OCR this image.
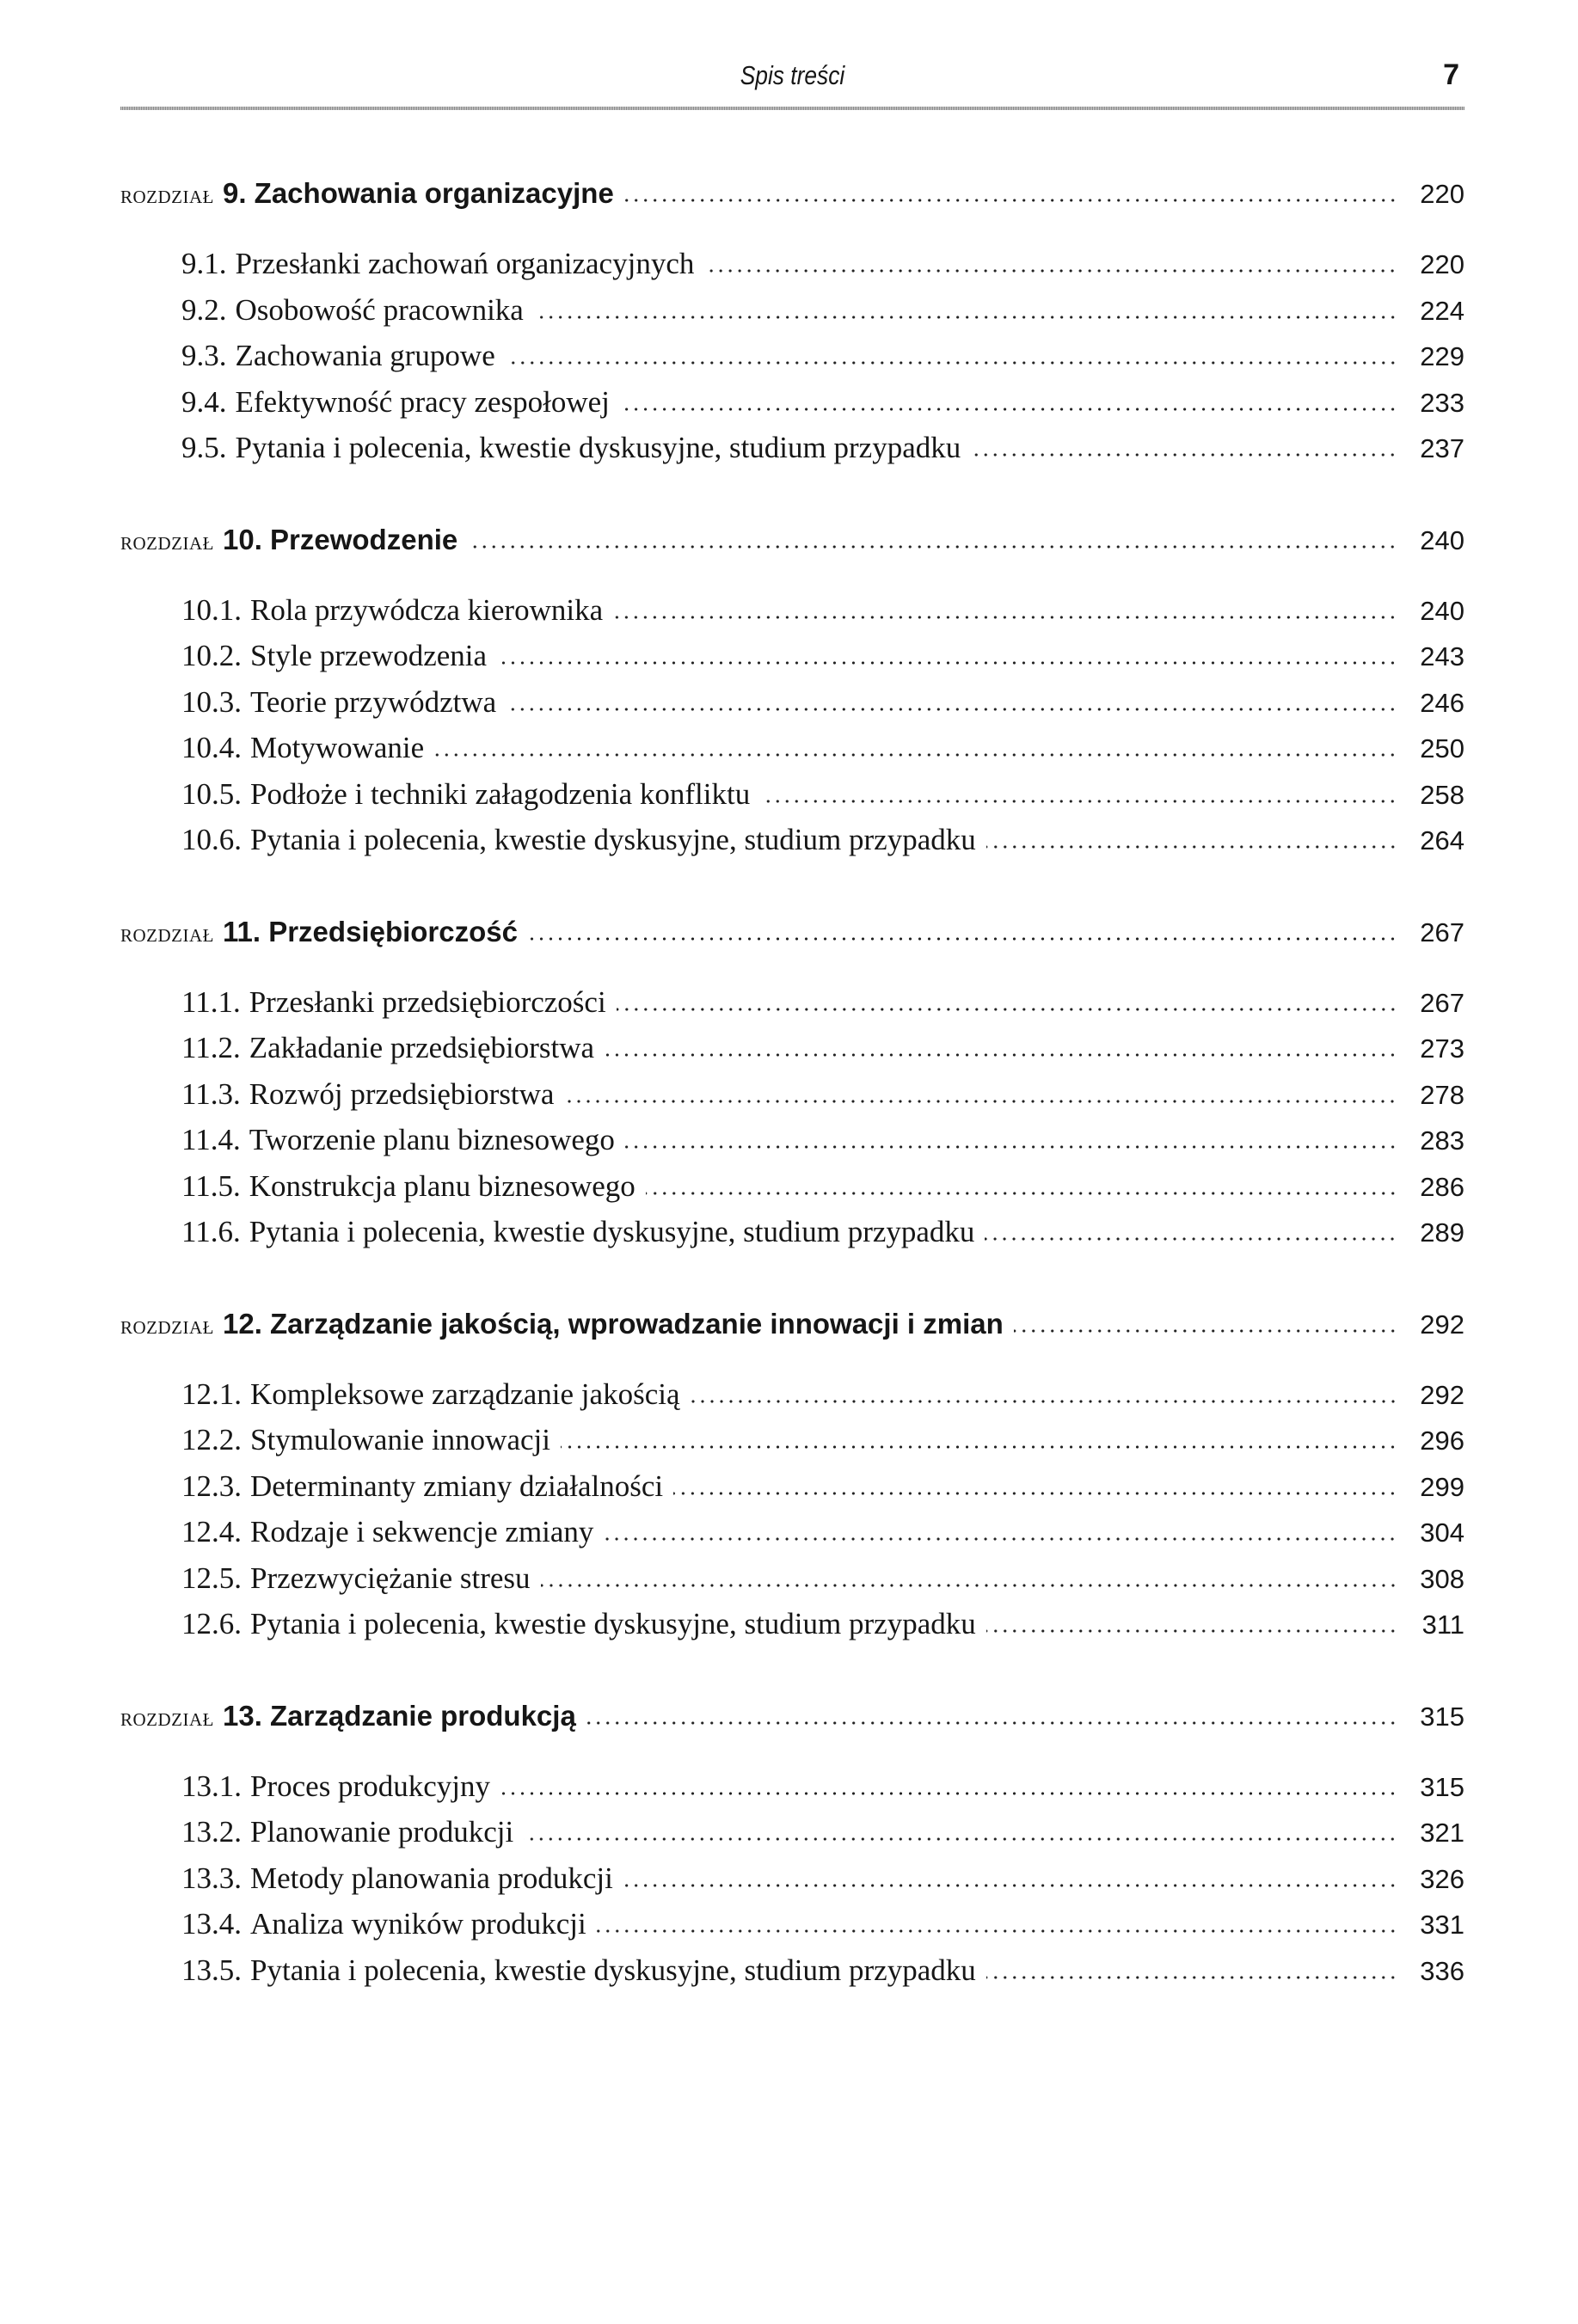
Spis treści	7
ROZDZIAŁ 9. Zachowania organizacyjne	220
9.1. Przesłanki zachowań organizacyjnych	220
9.2. Osobowość pracownika	224
9.3. Zachowania grupowe	229
9.4. Efektywność pracy zespołowej	233
9.5. Pytania i polecenia, kwestie dyskusyjne, studium przypadku	237
ROZDZIAŁ 10. Przewodzenie	240
10.1. Rola przywódcza kierownika	240
10.2. Style przewodzenia	243
10.3. Teorie przywództwa	246
10.4. Motywowanie	250
10.5. Podłoże i techniki załagodzenia konfliktu	258
10.6. Pytania i polecenia, kwestie dyskusyjne, studium przypadku	264
ROZDZIAŁ 11. Przedsiębiorczość	267
11.1. Przesłanki przedsiębiorczości	267
11.2. Zakładanie przedsiębiorstwa	273
11.3. Rozwój przedsiębiorstwa	278
11.4. Tworzenie planu biznesowego	283
11.5. Konstrukcja planu biznesowego	286
11.6. Pytania i polecenia, kwestie dyskusyjne, studium przypadku	289
ROZDZIAŁ 12. Zarządzanie jakością, wprowadzanie innowacji i zmian	292
12.1. Kompleksowe zarządzanie jakością	292
12.2. Stymulowanie innowacji	296
12.3. Determinanty zmiany działalności	299
12.4. Rodzaje i sekwencje zmiany	304
12.5. Przezwyciężanie stresu	308
12.6. Pytania i polecenia, kwestie dyskusyjne, studium przypadku	311
ROZDZIAŁ 13. Zarządzanie produkcją	315
13.1. Proces produkcyjny	315
13.2. Planowanie produkcji	321
13.3. Metody planowania produkcji	326
13.4. Analiza wyników produkcji	331
13.5. Pytania i polecenia, kwestie dyskusyjne, studium przypadku	336
